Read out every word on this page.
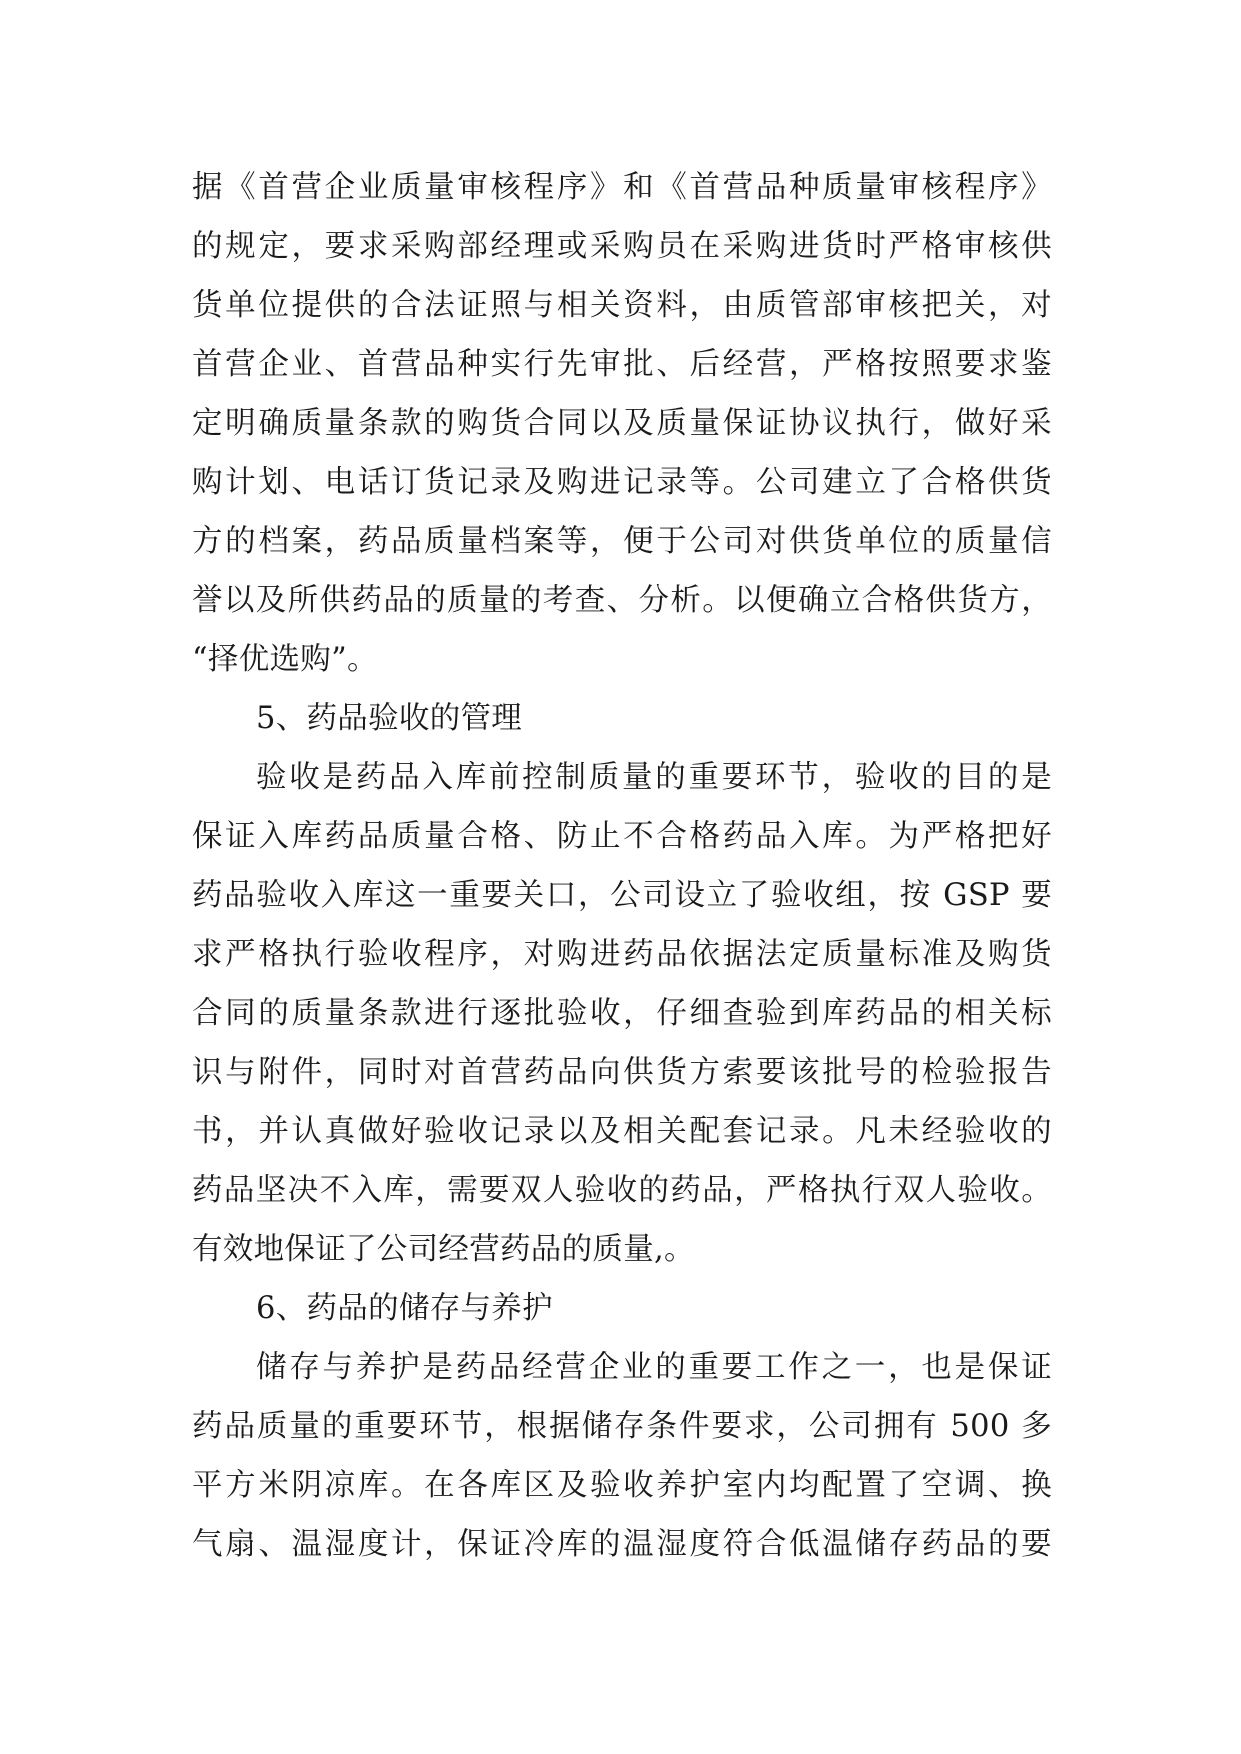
据《首营企业质量审核程序》和《首营品种质量审核程序》
的规定，要求采购部经理或采购员在采购进货时严格审核供
货单位提供的合法证照与相关资料，由质管部审核把关，对
首营企业、首营品种实行先审批、后经营，严格按照要求鉴
定明确质量条款的购货合同以及质量保证协议执行，做好采
购计划、电话订货记录及购进记录等。公司建立了合格供货
方的档案，药品质量档案等，便于公司对供货单位的质量信
誉以及所供药品的质量的考查、分析。以便确立合格供货方，
“择优选购”。
5、药品验收的管理
验收是药品入库前控制质量的重要环节，验收的目的是
保证入库药品质量合格、防止不合格药品入库。为严格把好
药品验收入库这一重要关口，公司设立了验收组，按 GSP 要
求严格执行验收程序，对购进药品依据法定质量标准及购货
合同的质量条款进行逐批验收，仔细查验到库药品的相关标
识与附件，同时对首营药品向供货方索要该批号的检验报告
书，并认真做好验收记录以及相关配套记录。凡未经验收的
药品坚决不入库，需要双人验收的药品，严格执行双人验收。
有效地保证了公司经营药品的质量,。
6、药品的储存与养护
储存与养护是药品经营企业的重要工作之一，也是保证
药品质量的重要环节，根据储存条件要求，公司拥有 500 多
平方米阴凉库。在各库区及验收养护室内均配置了空调、换
气扇、温湿度计，保证冷库的温湿度符合低温储存药品的要
